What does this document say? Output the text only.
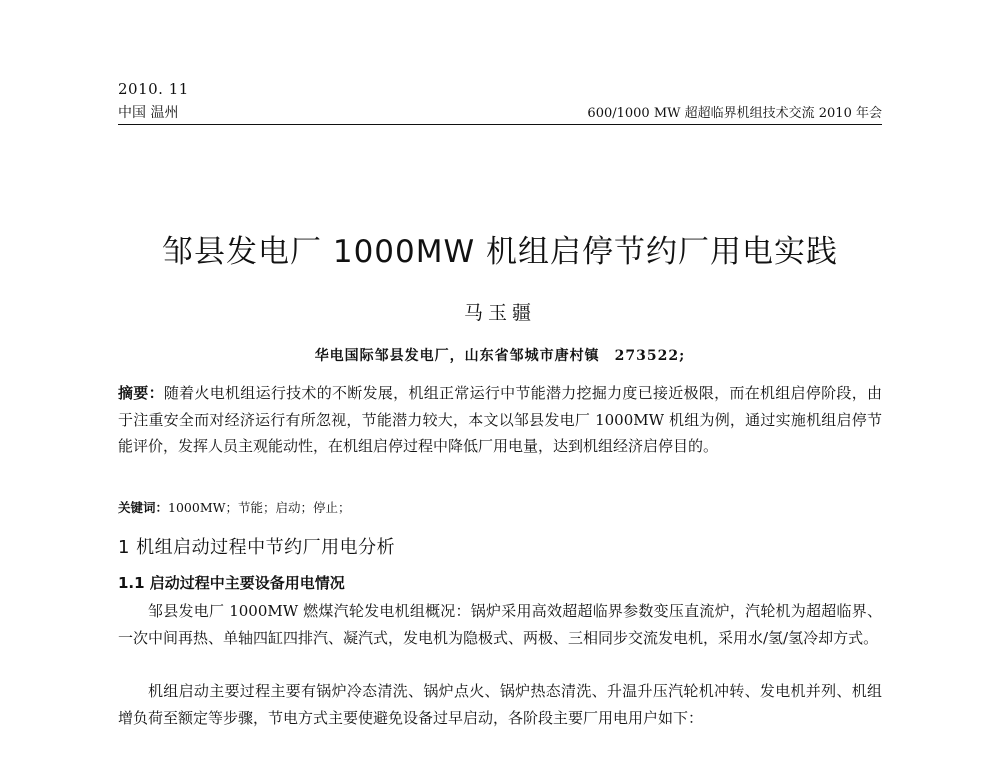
2010. 11
中国 温州	600/1000 MW 超超临界机组技术交流 2010 年会
邹县发电厂 1000MW 机组启停节约厂用电实践
马玉疆
华电国际邹县发电厂，山东省邹城市唐村镇　273522;
摘要：随着火电机组运行技术的不断发展，机组正常运行中节能潜力挖掘力度已接近极限，而在机组启停阶段，由于注重安全而对经济运行有所忽视，节能潜力较大，本文以邹县发电厂 1000MW 机组为例，通过实施机组启停节能评价，发挥人员主观能动性，在机组启停过程中降低厂用电量，达到机组经济启停目的。
关键词：1000MW；节能；启动；停止；
1 机组启动过程中节约厂用电分析
1.1 启动过程中主要设备用电情况
邹县发电厂 1000MW 燃煤汽轮发电机组概况：锅炉采用高效超超临界参数变压直流炉，汽轮机为超超临界、一次中间再热、单轴四缸四排汽、凝汽式，发电机为隐极式、两极、三相同步交流发电机，采用水/氢/氢冷却方式。
机组启动主要过程主要有锅炉冷态清洗、锅炉点火、锅炉热态清洗、升温升压汽轮机冲转、发电机并列、机组增负荷至额定等步骤，节电方式主要使避免设备过早启动，各阶段主要厂用电用户如下：
